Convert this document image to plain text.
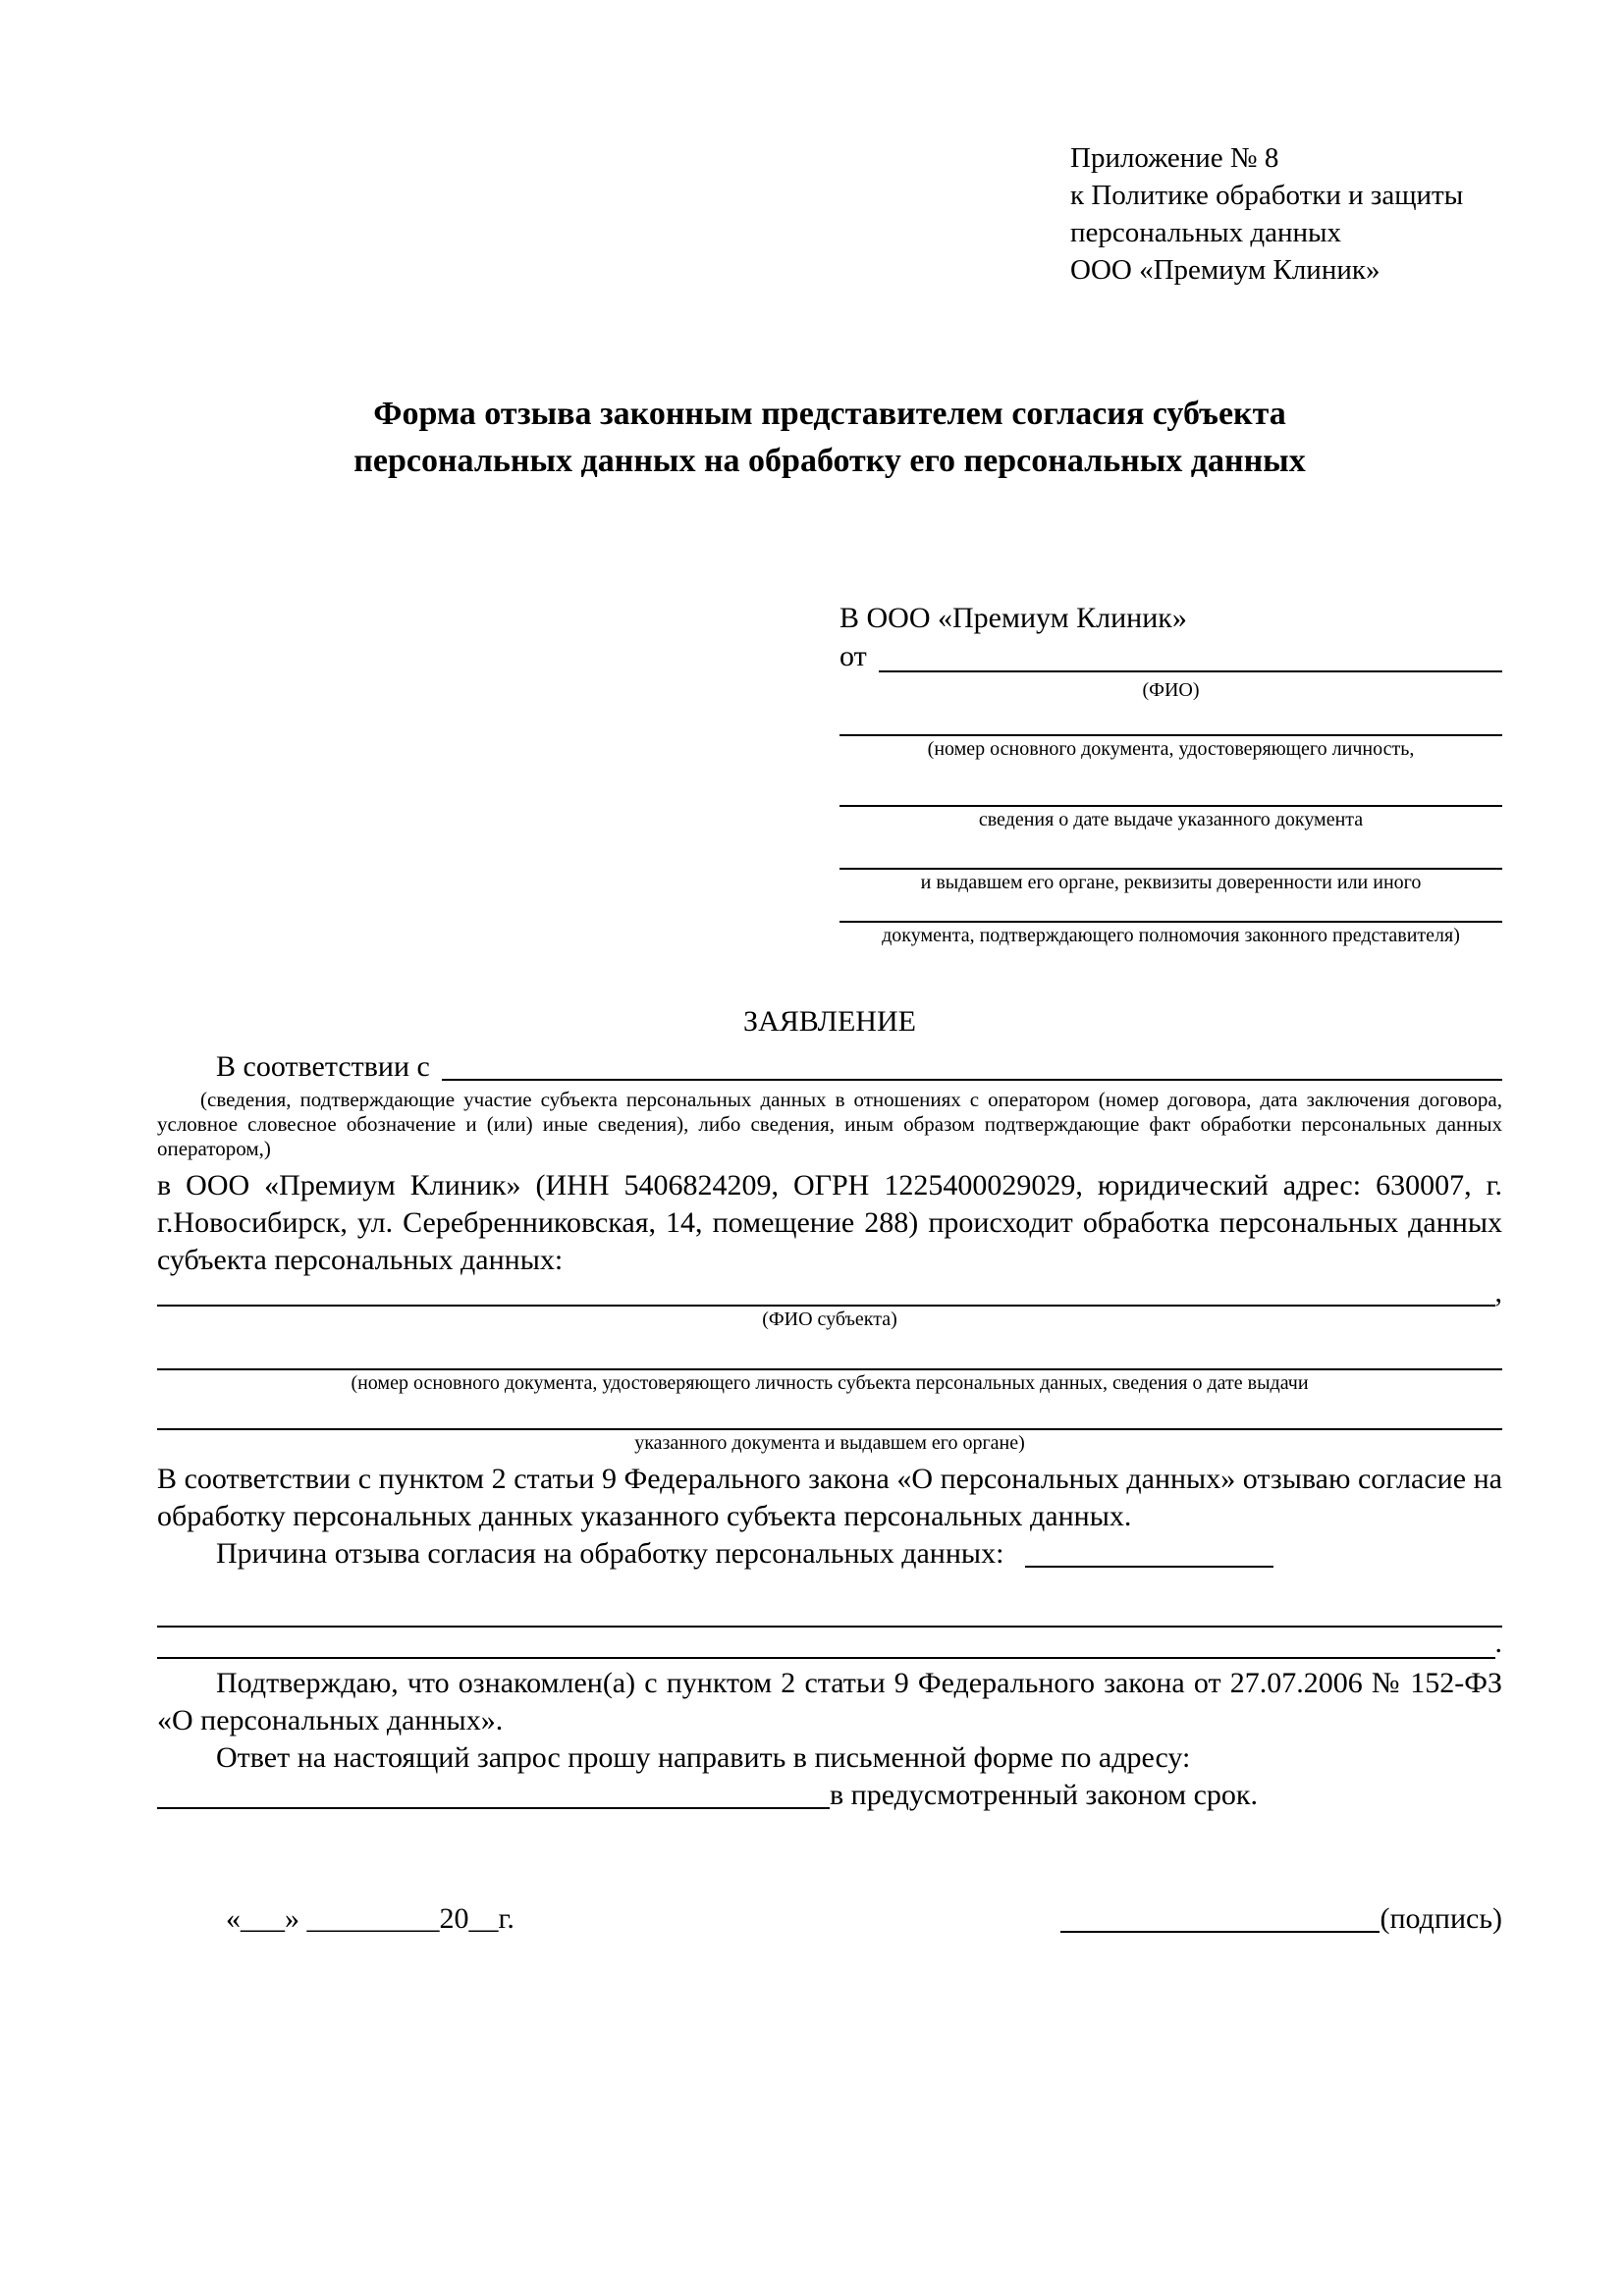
Приложение № 8
к Политике обработки и защиты
персональных данных
ООО «Премиум Клиник»
Форма отзыва законным представителем согласия субъекта
персональных данных на обработку его персональных данных
В ООО «Премиум Клиник»
от
(ФИО)
(номер основного документа, удостоверяющего личность,
сведения о дате выдаче указанного документа
и выдавшем его органе, реквизиты доверенности или иного
документа, подтверждающего полномочия законного представителя)
ЗАЯВЛЕНИЕ
В соответствии с
(сведения, подтверждающие участие субъекта персональных данных в отношениях с оператором (номер договора, дата заключения договора, условное словесное обозначение и (или) иные сведения), либо сведения, иным образом подтверждающие факт обработки персональных данных оператором,)

в ООО «Премиум Клиник» (ИНН 5406824209, ОГРН 1225400029029, юридический адрес: 630007, г. г.Новосибирск, ул. Серебренниковская, 14, помещение 288) происходит обработка персональных данных субъекта персональных данных:

,
(ФИО субъекта)
(номер основного документа, удостоверяющего личность субъекта персональных данных, сведения о дате выдачи
указанного документа и выдавшем его органе)

В соответствии с пунктом 2 статьи 9 Федерального закона «О персональных данных» отзываю согласие на обработку персональных данных указанного субъекта персональных данных.

Причина отзыва согласия на обработку персональных данных:
.

Подтверждаю, что ознакомлен(а) с пунктом 2 статьи 9 Федерального закона от 27.07.2006 № 152-ФЗ «О персональных данных».

Ответ на настоящий запрос прошу направить в письменной форме по адресу:

в предусмотренный законом срок.
«___» _________20__г.	(подпись)
